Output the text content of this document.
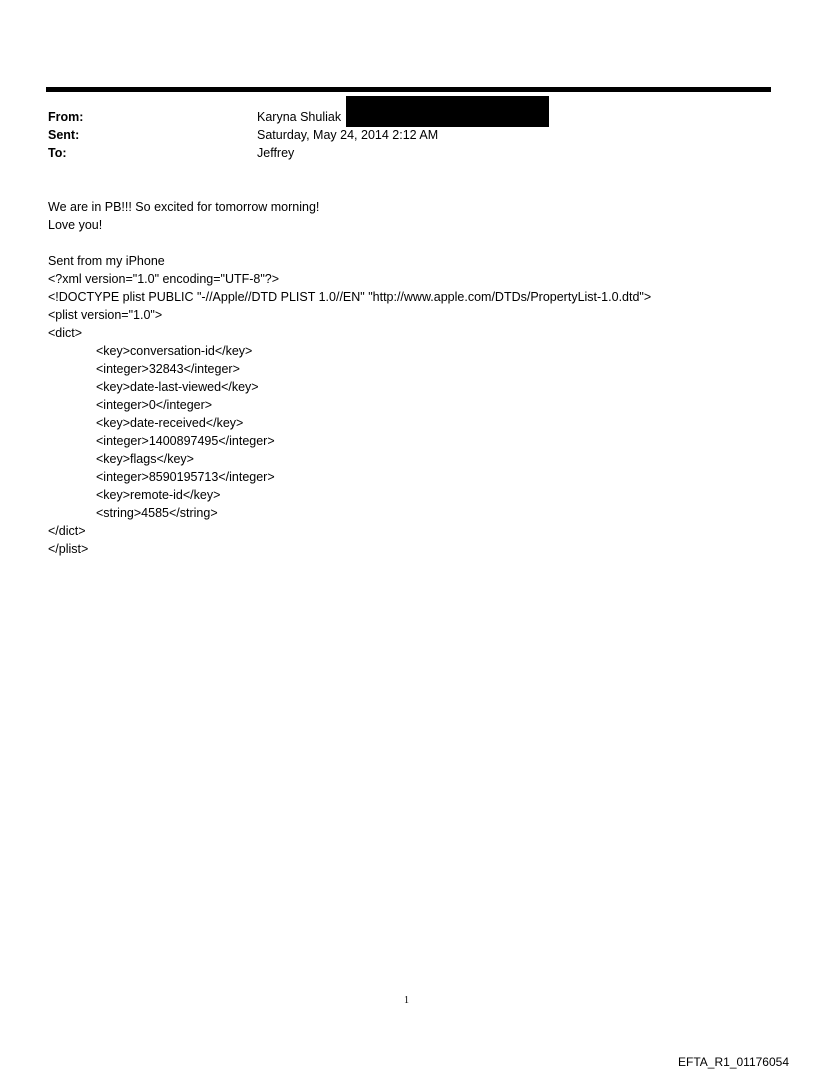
From:	Karyna Shuliak
Sent:	Saturday, May 24, 2014 2:12 AM
To:	Jeffrey
We are in PB!!! So excited for tomorrow morning!
Love you!
Sent from my iPhone
<?xml version="1.0" encoding="UTF-8"?>
<!DOCTYPE plist PUBLIC "-//Apple//DTD PLIST 1.0//EN" "http://www.apple.com/DTDs/PropertyList-1.0.dtd">
<plist version="1.0">
<dict>
<key>conversation-id</key>
<integer>32843</integer>
<key>date-last-viewed</key>
<integer>0</integer>
<key>date-received</key>
<integer>1400897495</integer>
<key>flags</key>
<integer>8590195713</integer>
<key>remote-id</key>
<string>4585</string>
</dict>
</plist>
1
EFTA_R1_01176054
